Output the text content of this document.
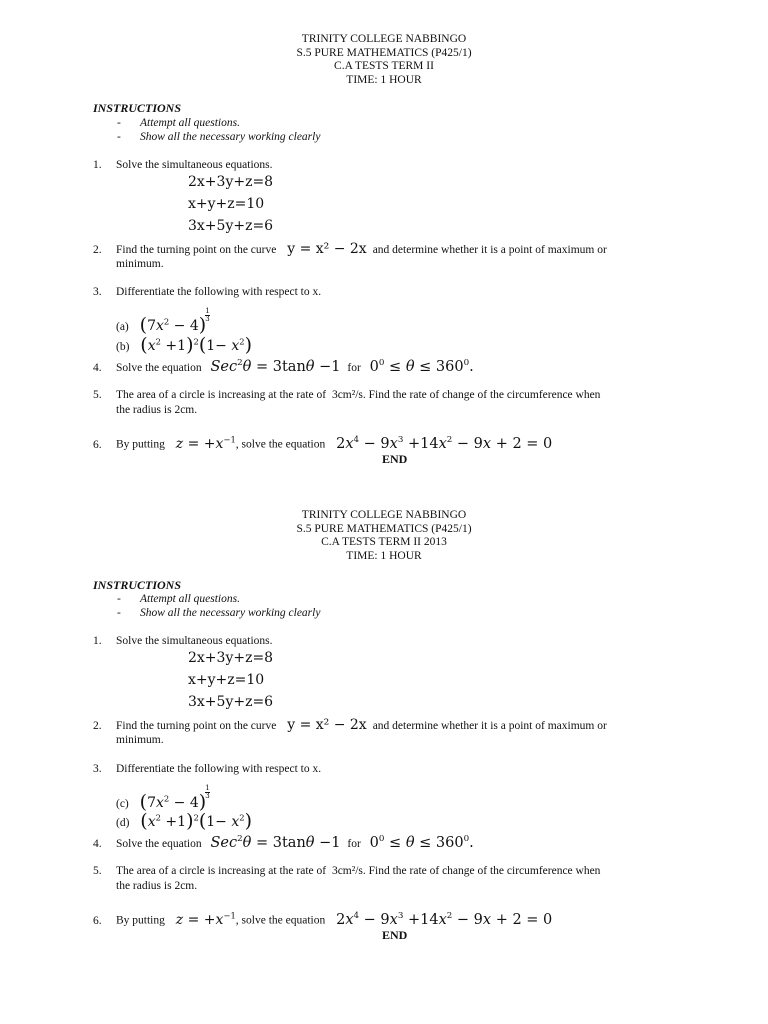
TRINITY COLLEGE NABBINGO
S.5 PURE MATHEMATICS (P425/1)
C.A TESTS TERM II
TIME: 1 HOUR
INSTRUCTIONS
- Attempt all questions.
- Show all the necessary working clearly
1. Solve the simultaneous equations.
2x+3y+z=8
x+y+z=10
3x+5y+z=6
2. Find the turning point on the curve y = x² − 2x and determine whether it is a point of maximum or
minimum.
3. Differentiate the following with respect to x.
(a) $(7x^2 - 4) \frac{1}{3}$
(b) $(x^2 +1)^2(1- x^2)$
4. Solve the equation Sec$^2$θ = 3tanθ −1 for $0^0 \le \theta \le 360^0$.
5. The area of a circle is increasing at the rate of 3cm²/s. Find the rate of change of the circumference when
the radius is 2cm.
6. By putting $z = +x^{-1}$, solve the equation $2x^4 - 9x^3 +14x^2 - 9x + 2 = 0$
END
TRINITY COLLEGE NABBINGO
S.5 PURE MATHEMATICS (P425/1)
C.A TESTS TERM II 2013
TIME: 1 HOUR
INSTRUCTIONS
- Attempt all questions.
- Show all the necessary working clearly
1. Solve the simultaneous equations.
2x+3y+z=8
x+y+z=10
3x+5y+z=6
2. Find the turning point on the curve y = x² − 2x and determine whether it is a point of maximum or
minimum.
3. Differentiate the following with respect to x.
(c) $(7x^2 - 4) \frac{1}{3}$
(d) $(x^2 +1)^2(1- x^2)$
4. Solve the equation Sec$^2$θ = 3tanθ −1 for $0^0 \le \theta \le 360^0$.
5. The area of a circle is increasing at the rate of 3cm²/s. Find the rate of change of the circumference when
the radius is 2cm.
6. By putting $z = +x^{-1}$, solve the equation $2x^4 - 9x^3 +14x^2 - 9x + 2 = 0$
END
